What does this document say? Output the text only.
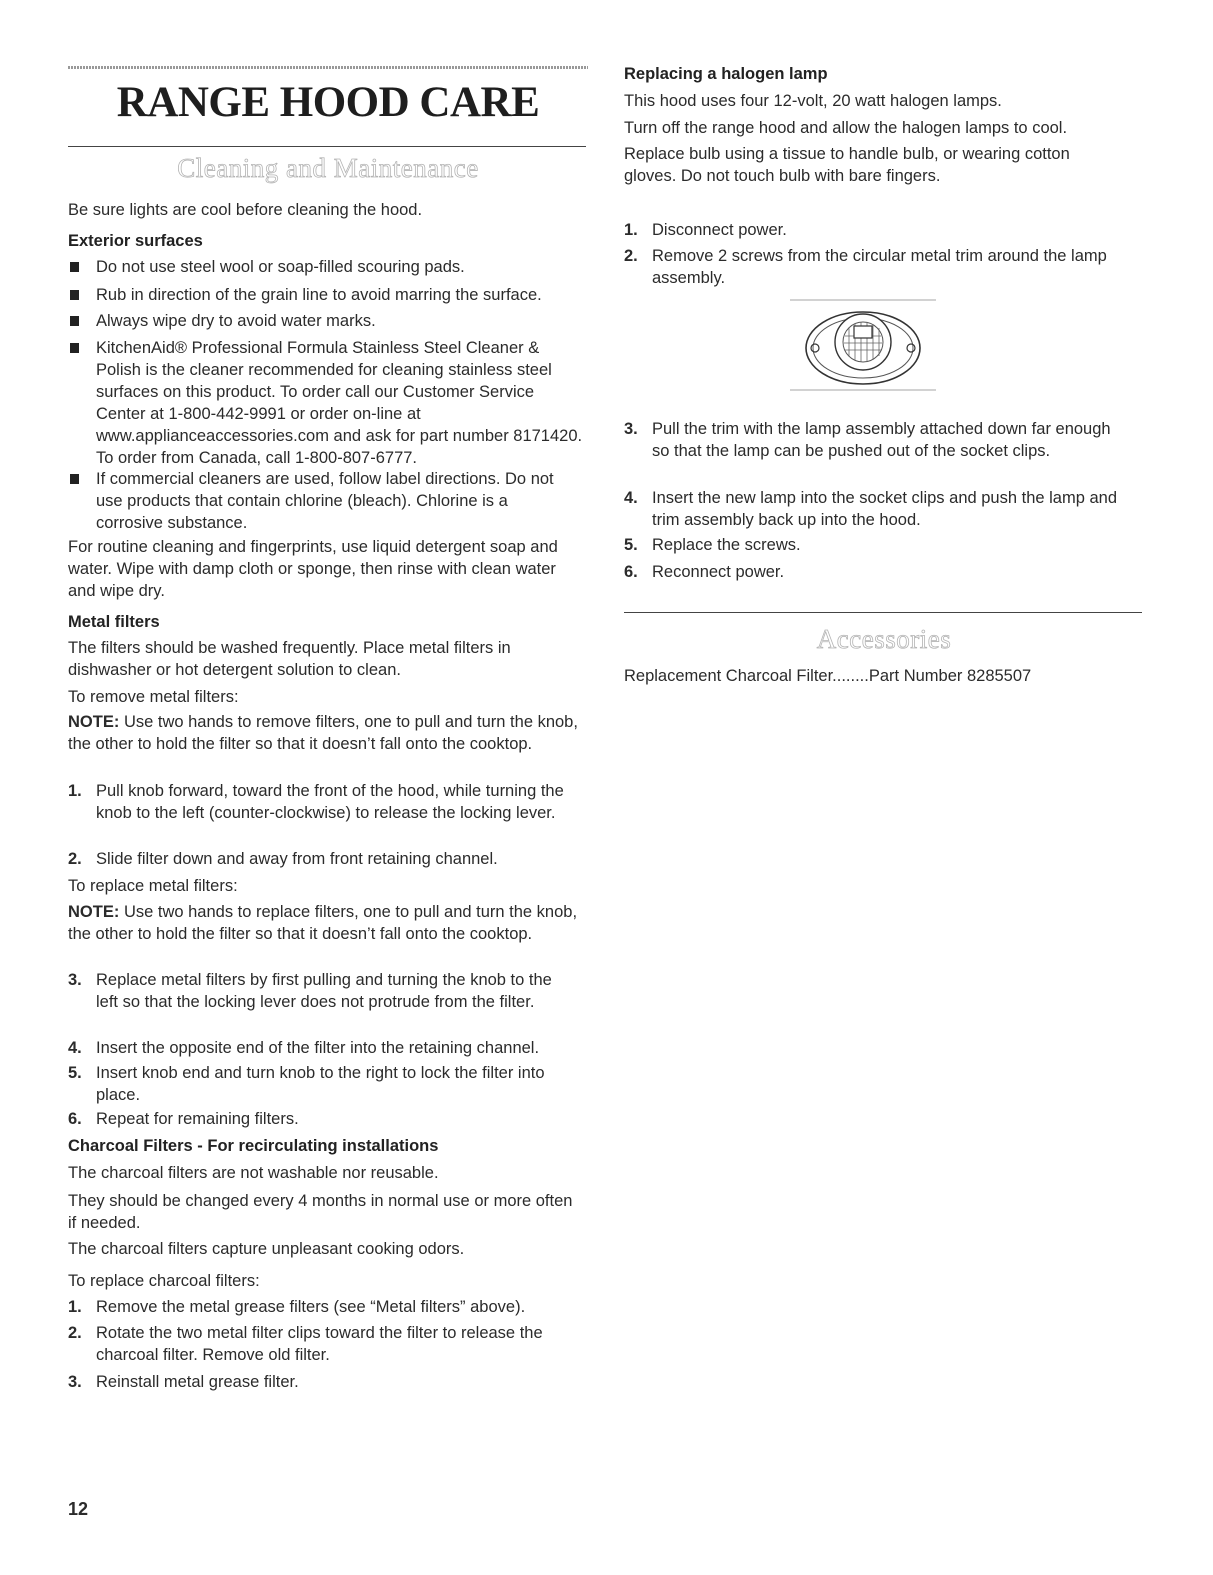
RANGE HOOD CARE
Cleaning and Maintenance

Be sure lights are cool before cleaning the hood.

Exterior surfaces

Do not use steel wool or soap-filled scouring pads.

Rub in direction of the grain line to avoid marring the surface.

Always wipe dry to avoid water marks.

KitchenAid® Professional Formula Stainless Steel Cleaner & Polish is the cleaner recommended for cleaning stainless steel surfaces on this product. To order call our Customer Service Center at 1-800-442-9991 or order on-line at www.applianceaccessories.com and ask for part number 8171420. To order from Canada, call 1-800-807-6777.

If commercial cleaners are used, follow label directions. Do not use products that contain chlorine (bleach). Chlorine is a corrosive substance.

For routine cleaning and fingerprints, use liquid detergent soap and water. Wipe with damp cloth or sponge, then rinse with clean water and wipe dry.

Metal filters

The filters should be washed frequently. Place metal filters in dishwasher or hot detergent solution to clean.

To remove metal filters:

NOTE: Use two hands to remove filters, one to pull and turn the knob, the other to hold the filter so that it doesn’t fall onto the cooktop.

1. Pull knob forward, toward the front of the hood, while turning the knob to the left (counter-clockwise) to release the locking lever.

2. Slide filter down and away from front retaining channel.

To replace metal filters:

NOTE: Use two hands to replace filters, one to pull and turn the knob, the other to hold the filter so that it doesn’t fall onto the cooktop.

3. Replace metal filters by first pulling and turning the knob to the left so that the locking lever does not protrude from the filter.

4. Insert the opposite end of the filter into the retaining channel.

5. Insert knob end and turn knob to the right to lock the filter into place.

6. Repeat for remaining filters.

Charcoal Filters - For recirculating installations

The charcoal filters are not washable nor reusable.

They should be changed every 4 months in normal use or more often if needed.

The charcoal filters capture unpleasant cooking odors.

To replace charcoal filters:

1. Remove the metal grease filters (see “Metal filters” above).

2. Rotate the two metal filter clips toward the filter to release the charcoal filter. Remove old filter.

3. Reinstall metal grease filter.

Replacing a halogen lamp

This hood uses four 12-volt, 20 watt halogen lamps.

Turn off the range hood and allow the halogen lamps to cool.

Replace bulb using a tissue to handle bulb, or wearing cotton gloves. Do not touch bulb with bare fingers.

1. Disconnect power.

2. Remove 2 screws from the circular metal trim around the lamp assembly.

3. Pull the trim with the lamp assembly attached down far enough so that the lamp can be pushed out of the socket clips.

4. Insert the new lamp into the socket clips and push the lamp and trim assembly back up into the hood.

5. Replace the screws.

6. Reconnect power.

Accessories

Replacement Charcoal Filter........Part Number 8285507

12
